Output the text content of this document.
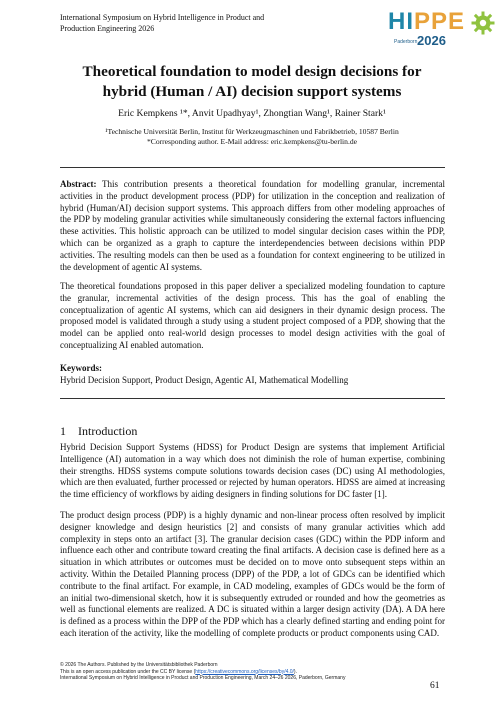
International Symposium on Hybrid Intelligence in Product and
Production Engineering 2026	HIPPE
Paderborn 2026
Theoretical foundation to model design decisions for
hybrid (Human / AI) decision support systems
Eric Kempkens ¹*, Anvit Upadhyay¹, Zhongtian Wang¹, Rainer Stark¹
¹Technische Universität Berlin, Institut für Werkzeugmaschinen und Fabrikbetrieb, 10587 Berlin
*Corresponding author. E-Mail address: eric.kempkens@tu-berlin.de
Abstract: This contribution presents a theoretical foundation for modelling granular, incremental activities in the product development process (PDP) for utilization in the conception and realization of hybrid (Human/AI) decision support systems. This approach differs from other modeling approaches of the PDP by modeling granular activities while simultaneously considering the external factors influencing these activities. This holistic approach can be utilized to model singular decision cases within the PDP, which can be organized as a graph to capture the interdependencies between decisions within PDP activities. The resulting models can then be used as a foundation for context engineering to be utilized in the development of agentic AI systems.
The theoretical foundations proposed in this paper deliver a specialized modeling foundation to capture the granular, incremental activities of the design process. This has the goal of enabling the conceptualization of agentic AI systems, which can aid designers in their dynamic design process. The proposed model is validated through a study using a student project composed of a PDP, showing that the model can be applied onto real-world design processes to model design activities with the goal of conceptualizing AI enabled automation.
Keywords:
Hybrid Decision Support, Product Design, Agentic AI, Mathematical Modelling
1 Introduction
Hybrid Decision Support Systems (HDSS) for Product Design are systems that implement Artificial Intelligence (AI) automation in a way which does not diminish the role of human expertise, combining their strengths. HDSS systems compute solutions towards decision cases (DC) using AI methodologies, which are then evaluated, further processed or rejected by human operators. HDSS are aimed at increasing the time efficiency of workflows by aiding designers in finding solutions for DC faster [1].
The product design process (PDP) is a highly dynamic and non-linear process often resolved by implicit designer knowledge and design heuristics [2] and consists of many granular activities which add complexity in steps onto an artifact [3]. The granular decision cases (GDC) within the PDP inform and influence each other and contribute toward creating the final artifacts. A decision case is defined here as a situation in which attributes or outcomes must be decided on to move onto subsequent steps within an activity. Within the Detailed Planning process (DPP) of the PDP, a lot of GDCs can be identified which contribute to the final artifact. For example, in CAD modeling, examples of GDCs would be the form of an initial two-dimensional sketch, how it is subsequently extruded or rounded and how the geometries as well as functional elements are realized. A DC is situated within a larger design activity (DA). A DA here is defined as a process within the DPP of the PDP which has a clearly defined starting and ending point for each iteration of the activity, like the modelling of complete products or product components using CAD.
© 2026 The Authors. Published by the Universitätsbibliothek Paderborn
This is an open access publication under the CC BY license (https://creativecommons.org/licenses/by/4.0/).
International Symposium on Hybrid Intelligence in Product and Production Engineering, March 24–26 2026, Paderborn, Germany
61
